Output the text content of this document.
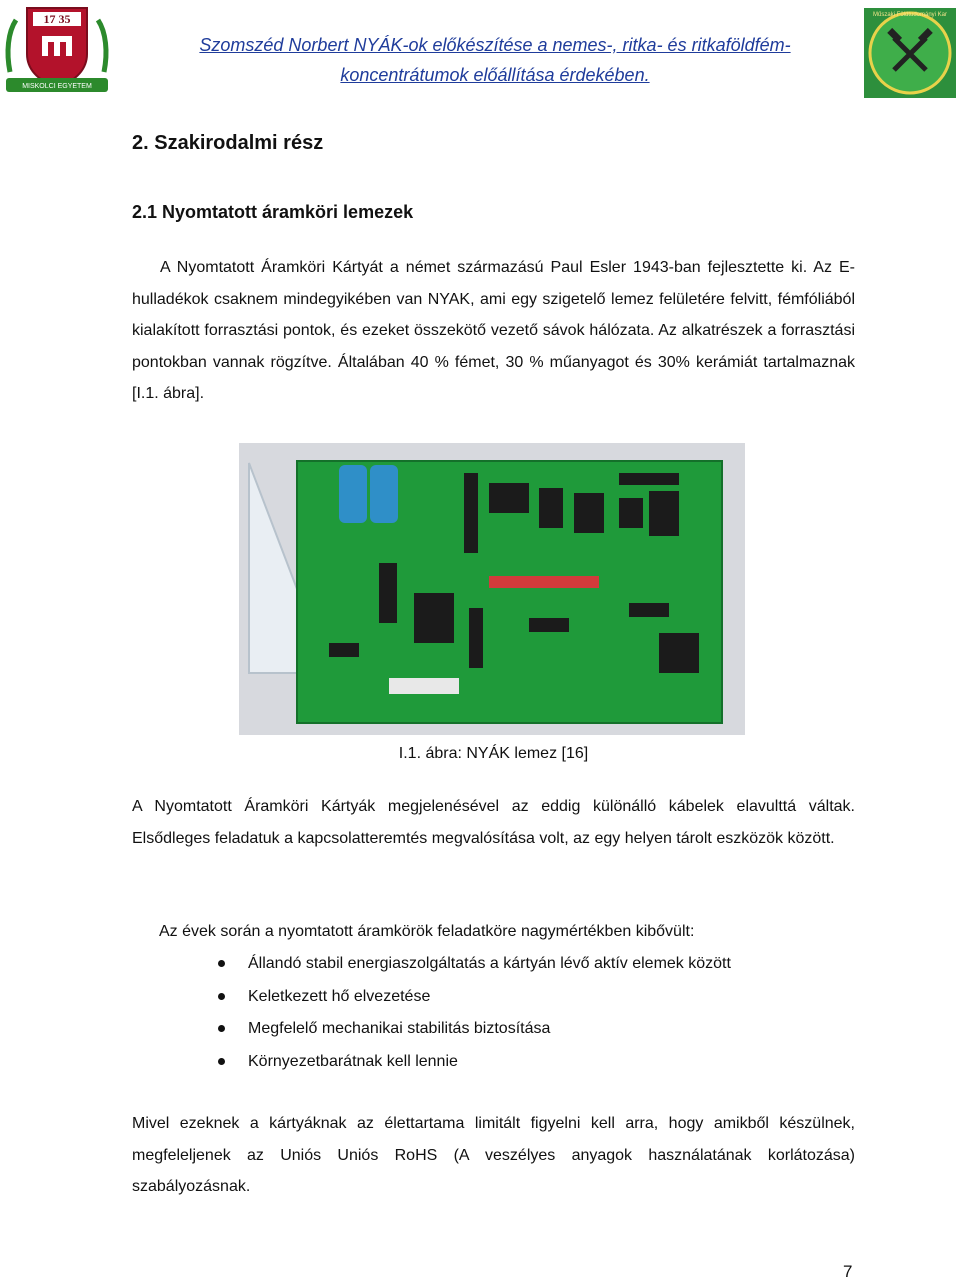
MISKOLCI EGYETEM
17 35
Szomszéd Norbert NYÁK-ok előkészítése a nemes-, ritka- és ritkaföldfém-
koncentrátumok előállítása érdekében.
Műszaki Földtudományi Kar
2. Szakirodalmi rész
2.1 Nyomtatott áramköri lemezek

A Nyomtatott Áramköri Kártyát a német származású Paul Esler 1943-ban fejlesztette ki. Az E-hulladékok csaknem mindegyikében van NYAK, ami egy szigetelő lemez felületére felvitt, fémfóliából kialakított forrasztási pontok, és ezeket összekötő vezető sávok hálózata. Az alkatrészek a forrasztási pontokban vannak rögzítve. Általában 40 % fémet, 30 % műanyagot és 30% kerámiát tartalmaznak [I.1. ábra].

I.1. ábra: NYÁK lemez [16]

A Nyomtatott Áramköri Kártyák megjelenésével az eddig különálló kábelek elavulttá váltak. Elsődleges feladatuk a kapcsolatteremtés megvalósítása volt, az egy helyen tárolt eszközök között.

Az évek során a nyomtatott áramkörök feladatköre nagymértékben kibővült:
Állandó stabil energiaszolgáltatás a kártyán lévő aktív elemek között
Keletkezett hő elvezetése
Megfelelő mechanikai stabilitás biztosítása
Környezetbarátnak kell lennie

Mivel ezeknek a kártyáknak az élettartama limitált figyelni kell arra, hogy amikből készülnek, megfeleljenek az Uniós Uniós RoHS (A veszélyes anyagok használatának korlátozása) szabályozásnak.

7
